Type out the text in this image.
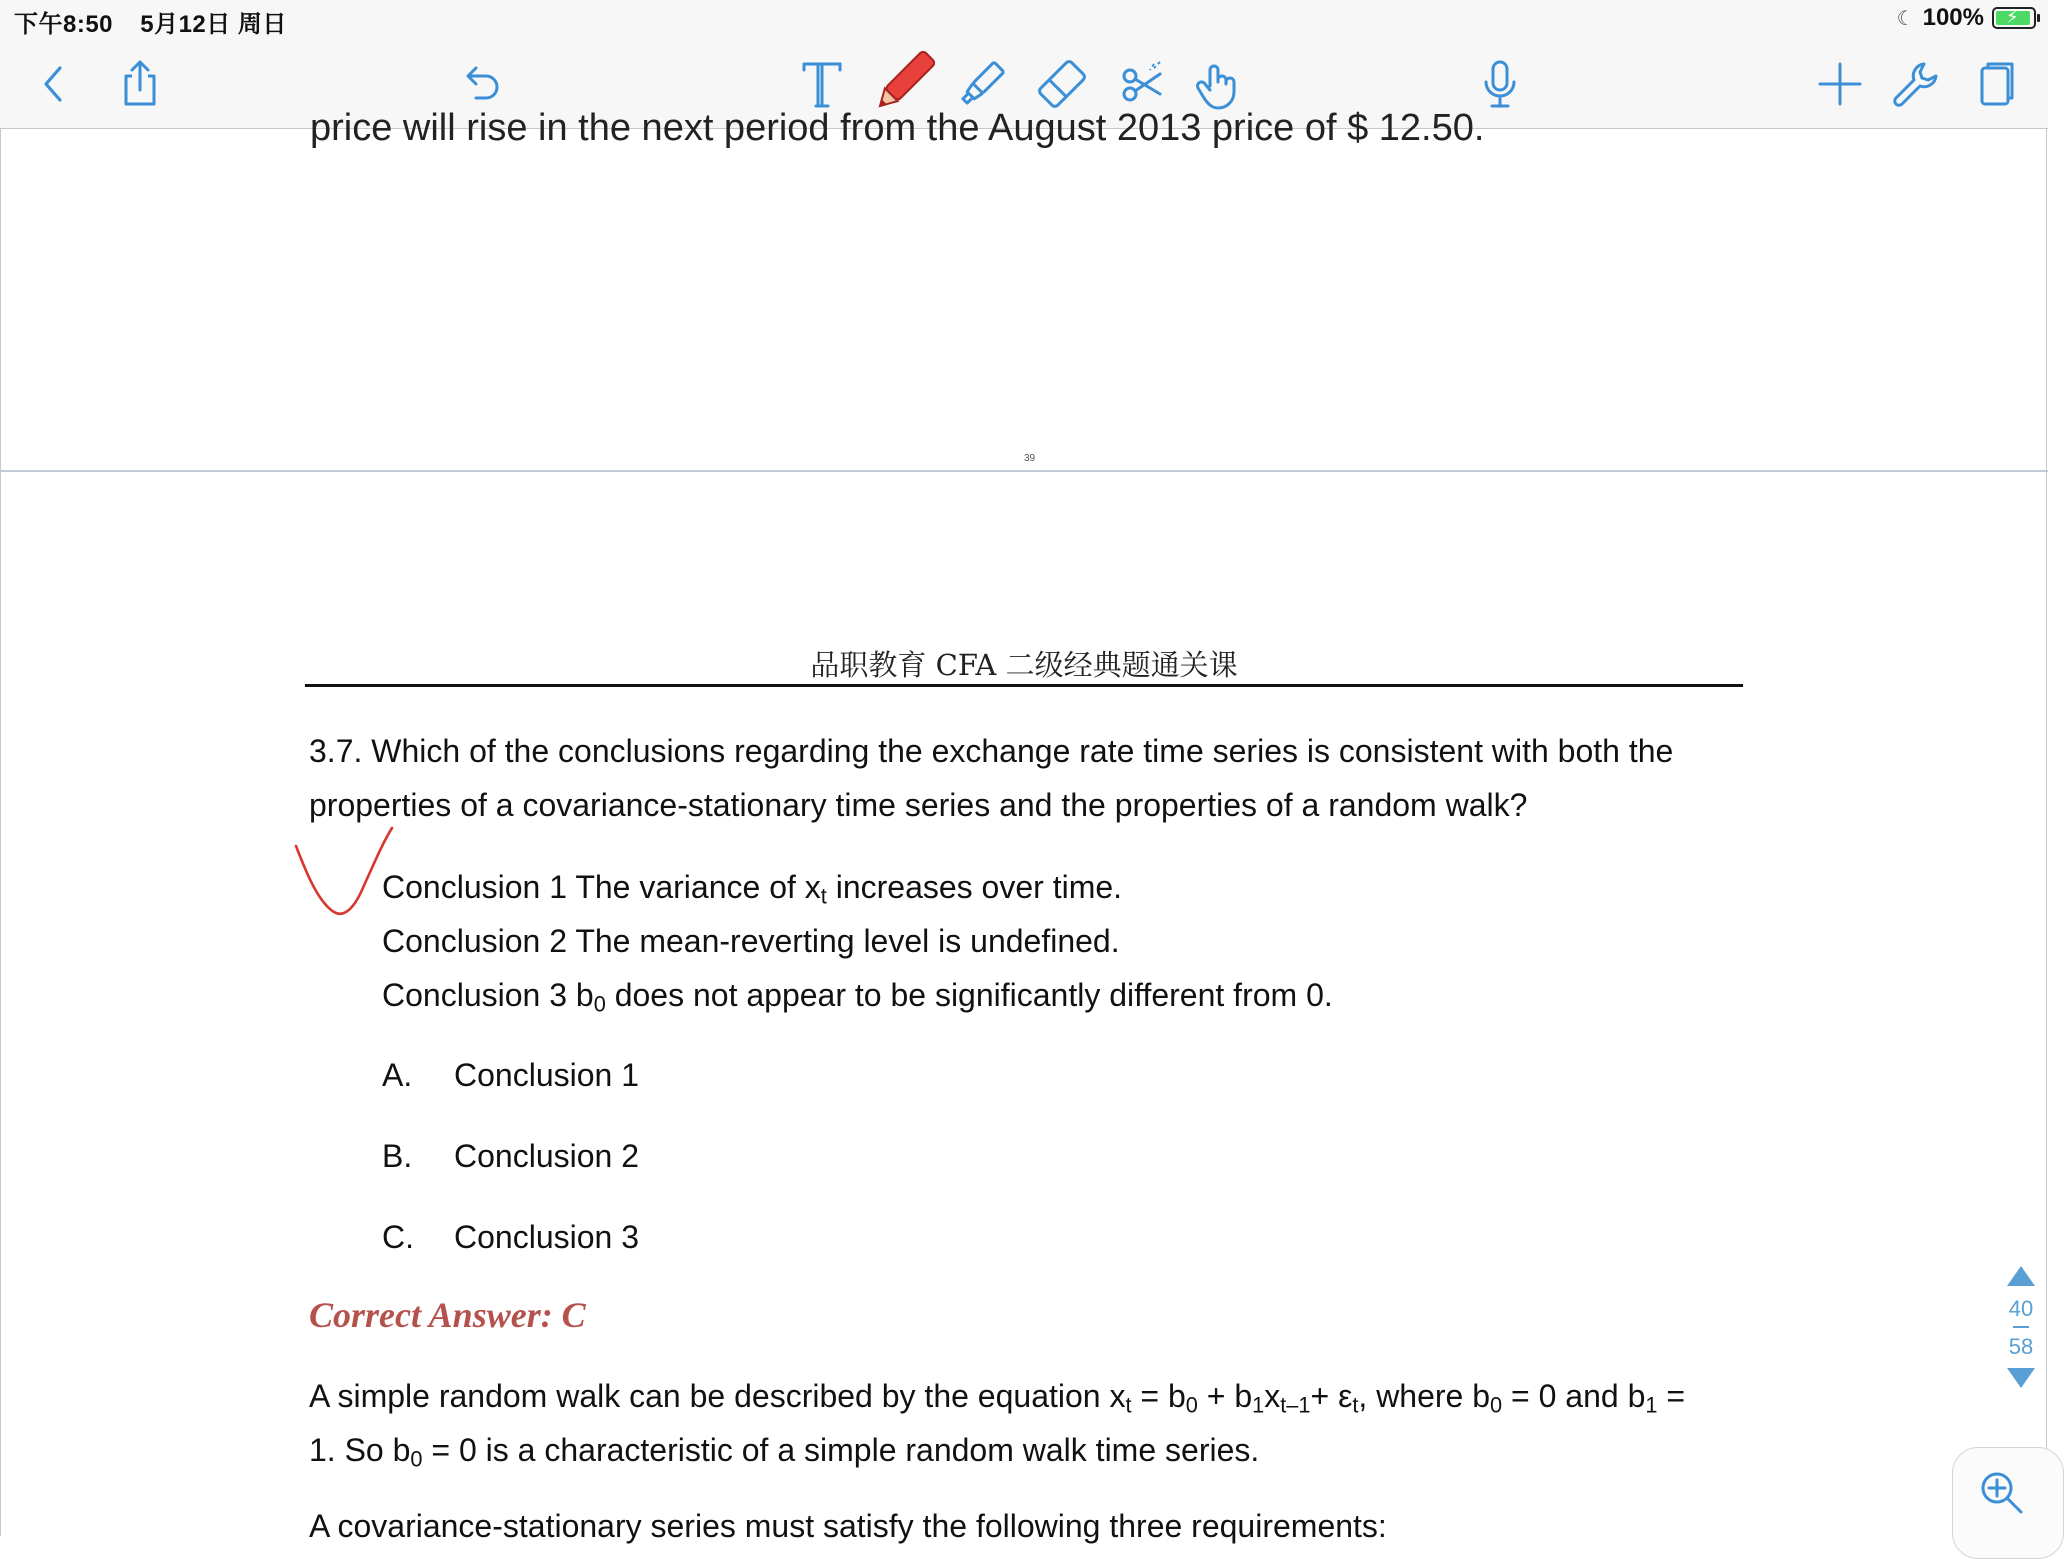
下午8:50 5月12日 周日	☾ 100% ⚡
price will rise in the next period from the August 2013 price of $ 12.50.
39
品职教育 CFA 二级经典题通关课
3.7. Which of the conclusions regarding the exchange rate time series is consistent with both the
properties of a covariance-stationary time series and the properties of a random walk?
Conclusion 1 The variance of $x_t$ increases over time.
Conclusion 2 The mean-reverting level is undefined.
Conclusion 3 $b_0$ does not appear to be significantly different from 0.
A. Conclusion 1
B. Conclusion 2
C. Conclusion 3
Correct Answer: C
A simple random walk can be described by the equation $x_t = b_0 + b_1x_{t-1}+ \varepsilon_t$, where $b_0 = 0$ and $b_1$ =
1. So $b_0 = 0$ is a characteristic of a simple random walk time series.
A covariance-stationary series must satisfy the following three requirements:
40
58
